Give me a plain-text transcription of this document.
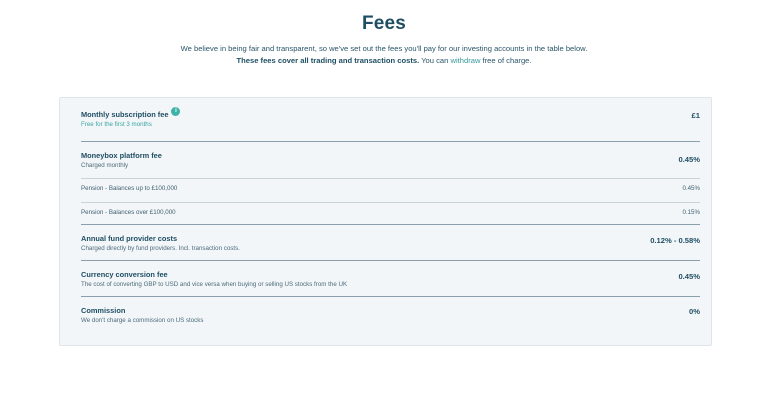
Fees
We believe in being fair and transparent, so we've set out the fees you'll pay for our investing accounts in the table below.
These fees cover all trading and transaction costs. You can withdraw free of charge.
Monthly subscription fee i
Free for the first 3 months
£1
Moneybox platform fee
Charged monthly
0.45%
Pension - Balances up to £100,000	0.45%
Pension - Balances over £100,000	0.15%
Annual fund provider costs
Charged directly by fund providers. Incl. transaction costs.
0.12% - 0.58%
Currency conversion fee
The cost of converting GBP to USD and vice versa when buying or selling US stocks from the UK
0.45%
Commission
We don't charge a commission on US stocks
0%
